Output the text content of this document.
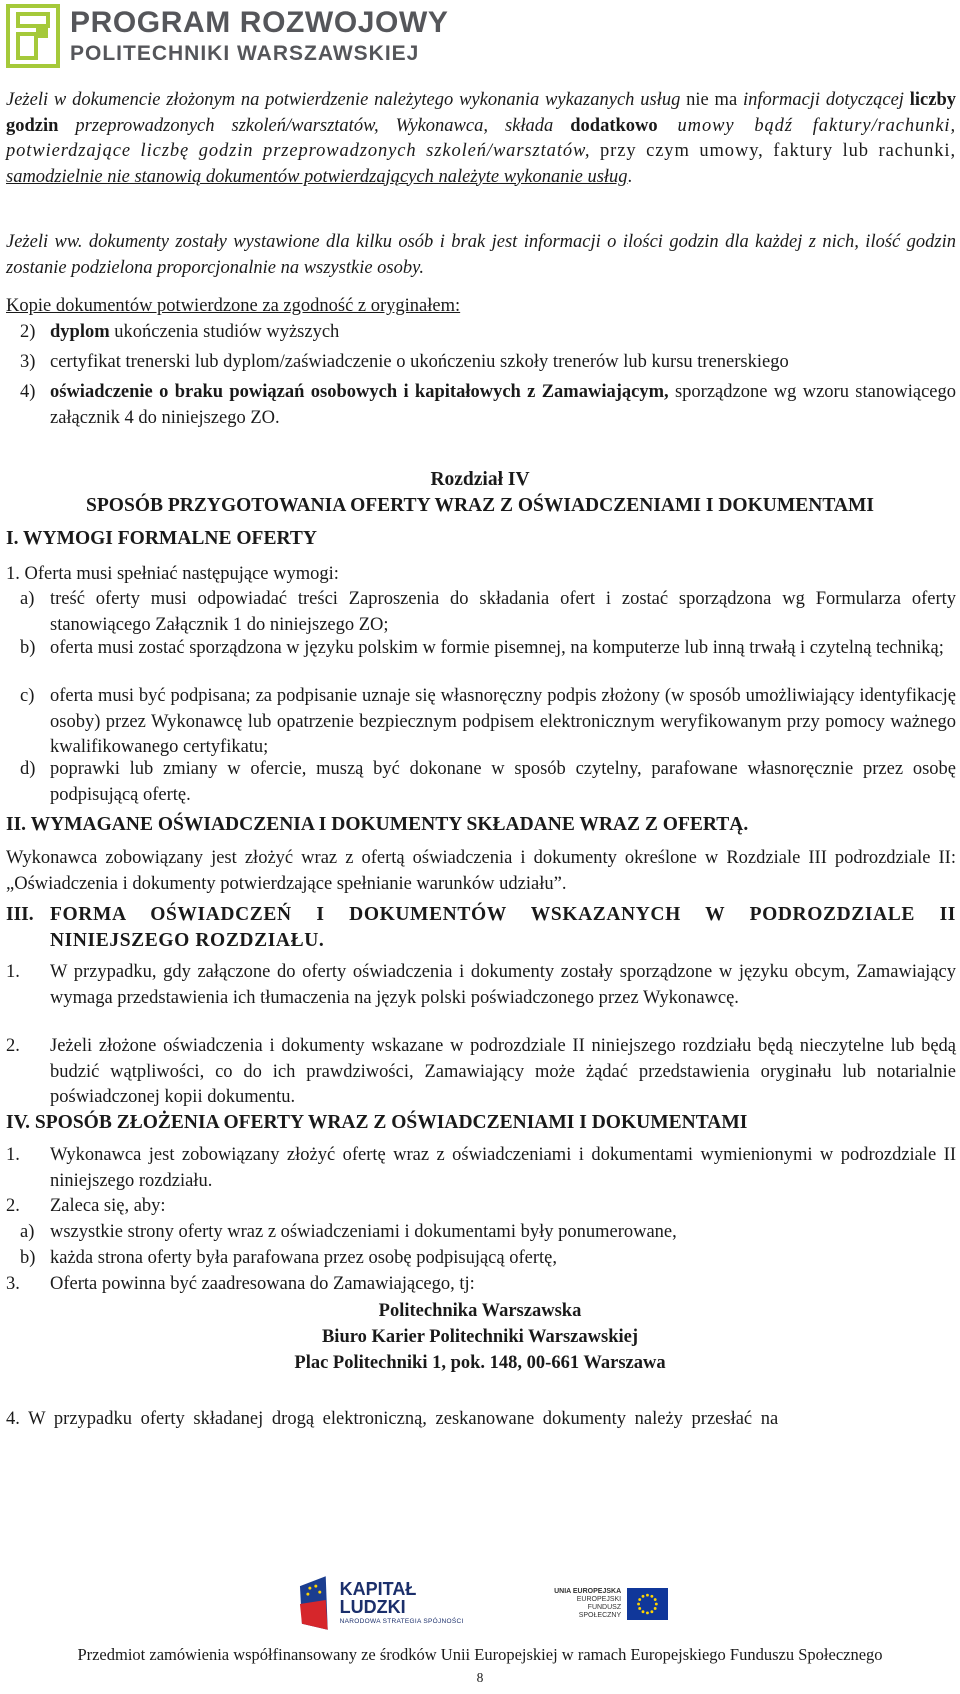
PROGRAM ROZWOJOWY
POLITECHNIKI WARSZAWSKIEJ
Jeżeli w dokumencie złożonym na potwierdzenie należytego wykonania wykazanych usług nie ma informacji dotyczącej liczby godzin przeprowadzonych szkoleń/warsztatów, Wykonawca, składa dodatkowo umowy bądź faktury/rachunki, potwierdzające liczbę godzin przeprowadzonych szkoleń/warsztatów, przy czym umowy, faktury lub rachunki, samodzielnie nie stanowią dokumentów potwierdzających należyte wykonanie usług.
Jeżeli ww. dokumenty zostały wystawione dla kilku osób i brak jest informacji o ilości godzin dla każdej z nich, ilość godzin zostanie podzielona proporcjonalnie na wszystkie osoby.
Kopie dokumentów potwierdzone za zgodność z oryginałem:
2) dyplom ukończenia studiów wyższych
3) certyfikat trenerski lub dyplom/zaświadczenie o ukończeniu szkoły trenerów lub kursu trenerskiego
4) oświadczenie o braku powiązań osobowych i kapitałowych z Zamawiającym, sporządzone wg wzoru stanowiącego załącznik 4 do niniejszego ZO.
Rozdział IV
SPOSÓB PRZYGOTOWANIA OFERTY WRAZ Z OŚWIADCZENIAMI I DOKUMENTAMI
I. WYMOGI FORMALNE OFERTY
1. Oferta musi spełniać następujące wymogi:
a) treść oferty musi odpowiadać treści Zaproszenia do składania ofert i zostać sporządzona wg Formularza oferty stanowiącego Załącznik 1 do niniejszego ZO;
b) oferta musi zostać sporządzona w języku polskim w formie pisemnej, na komputerze lub inną trwałą i czytelną techniką;
c) oferta musi być podpisana; za podpisanie uznaje się własnoręczny podpis złożony (w sposób umożliwiający identyfikację osoby) przez Wykonawcę lub opatrzenie bezpiecznym podpisem elektronicznym weryfikowanym przy pomocy ważnego kwalifikowanego certyfikatu;
d) poprawki lub zmiany w ofercie, muszą być dokonane w sposób czytelny, parafowane własnoręcznie przez osobę podpisującą ofertę.
II. WYMAGANE OŚWIADCZENIA I DOKUMENTY SKŁADANE WRAZ Z OFERTĄ.
Wykonawca zobowiązany jest złożyć wraz z ofertą oświadczenia i dokumenty określone w Rozdziale III podrozdziale II: „Oświadczenia i dokumenty potwierdzające spełnianie warunków udziału”.
III. FORMA OŚWIADCZEŃ I DOKUMENTÓW WSKAZANYCH W PODROZDZIALE II NINIEJSZEGO ROZDZIAŁU.
1. W przypadku, gdy załączone do oferty oświadczenia i dokumenty zostały sporządzone w języku obcym, Zamawiający wymaga przedstawienia ich tłumaczenia na język polski poświadczonego przez Wykonawcę.
2. Jeżeli złożone oświadczenia i dokumenty wskazane w podrozdziale II niniejszego rozdziału będą nieczytelne lub będą budzić wątpliwości, co do ich prawdziwości, Zamawiający może żądać przedstawienia oryginału lub notarialnie poświadczonej kopii dokumentu.
IV. SPOSÓB ZŁOŻENIA OFERTY WRAZ Z OŚWIADCZENIAMI I DOKUMENTAMI
1. Wykonawca jest zobowiązany złożyć ofertę wraz z oświadczeniami i dokumentami wymienionymi w podrozdziale II niniejszego rozdziału.
2. Zaleca się, aby:
a) wszystkie strony oferty wraz z oświadczeniami i dokumentami były ponumerowane,
b) każda strona oferty była parafowana przez osobę podpisującą ofertę,
3. Oferta powinna być zaadresowana do Zamawiającego, tj:
Politechnika Warszawska
Biuro Karier Politechniki Warszawskiej
Plac Politechniki 1, pok. 148, 00-661 Warszawa
4. W przypadku oferty składanej drogą elektroniczną, zeskanowane dokumenty należy przesłać na
KAPITAŁ LUDZKI
NARODOWA STRATEGIA SPÓJNOŚCI
UNIA EUROPEJSKA
EUROPEJSKI
FUNDUSZ SPOŁECZNY
Przedmiot zamówienia współfinansowany ze środków Unii Europejskiej w ramach Europejskiego Funduszu Społecznego
8
